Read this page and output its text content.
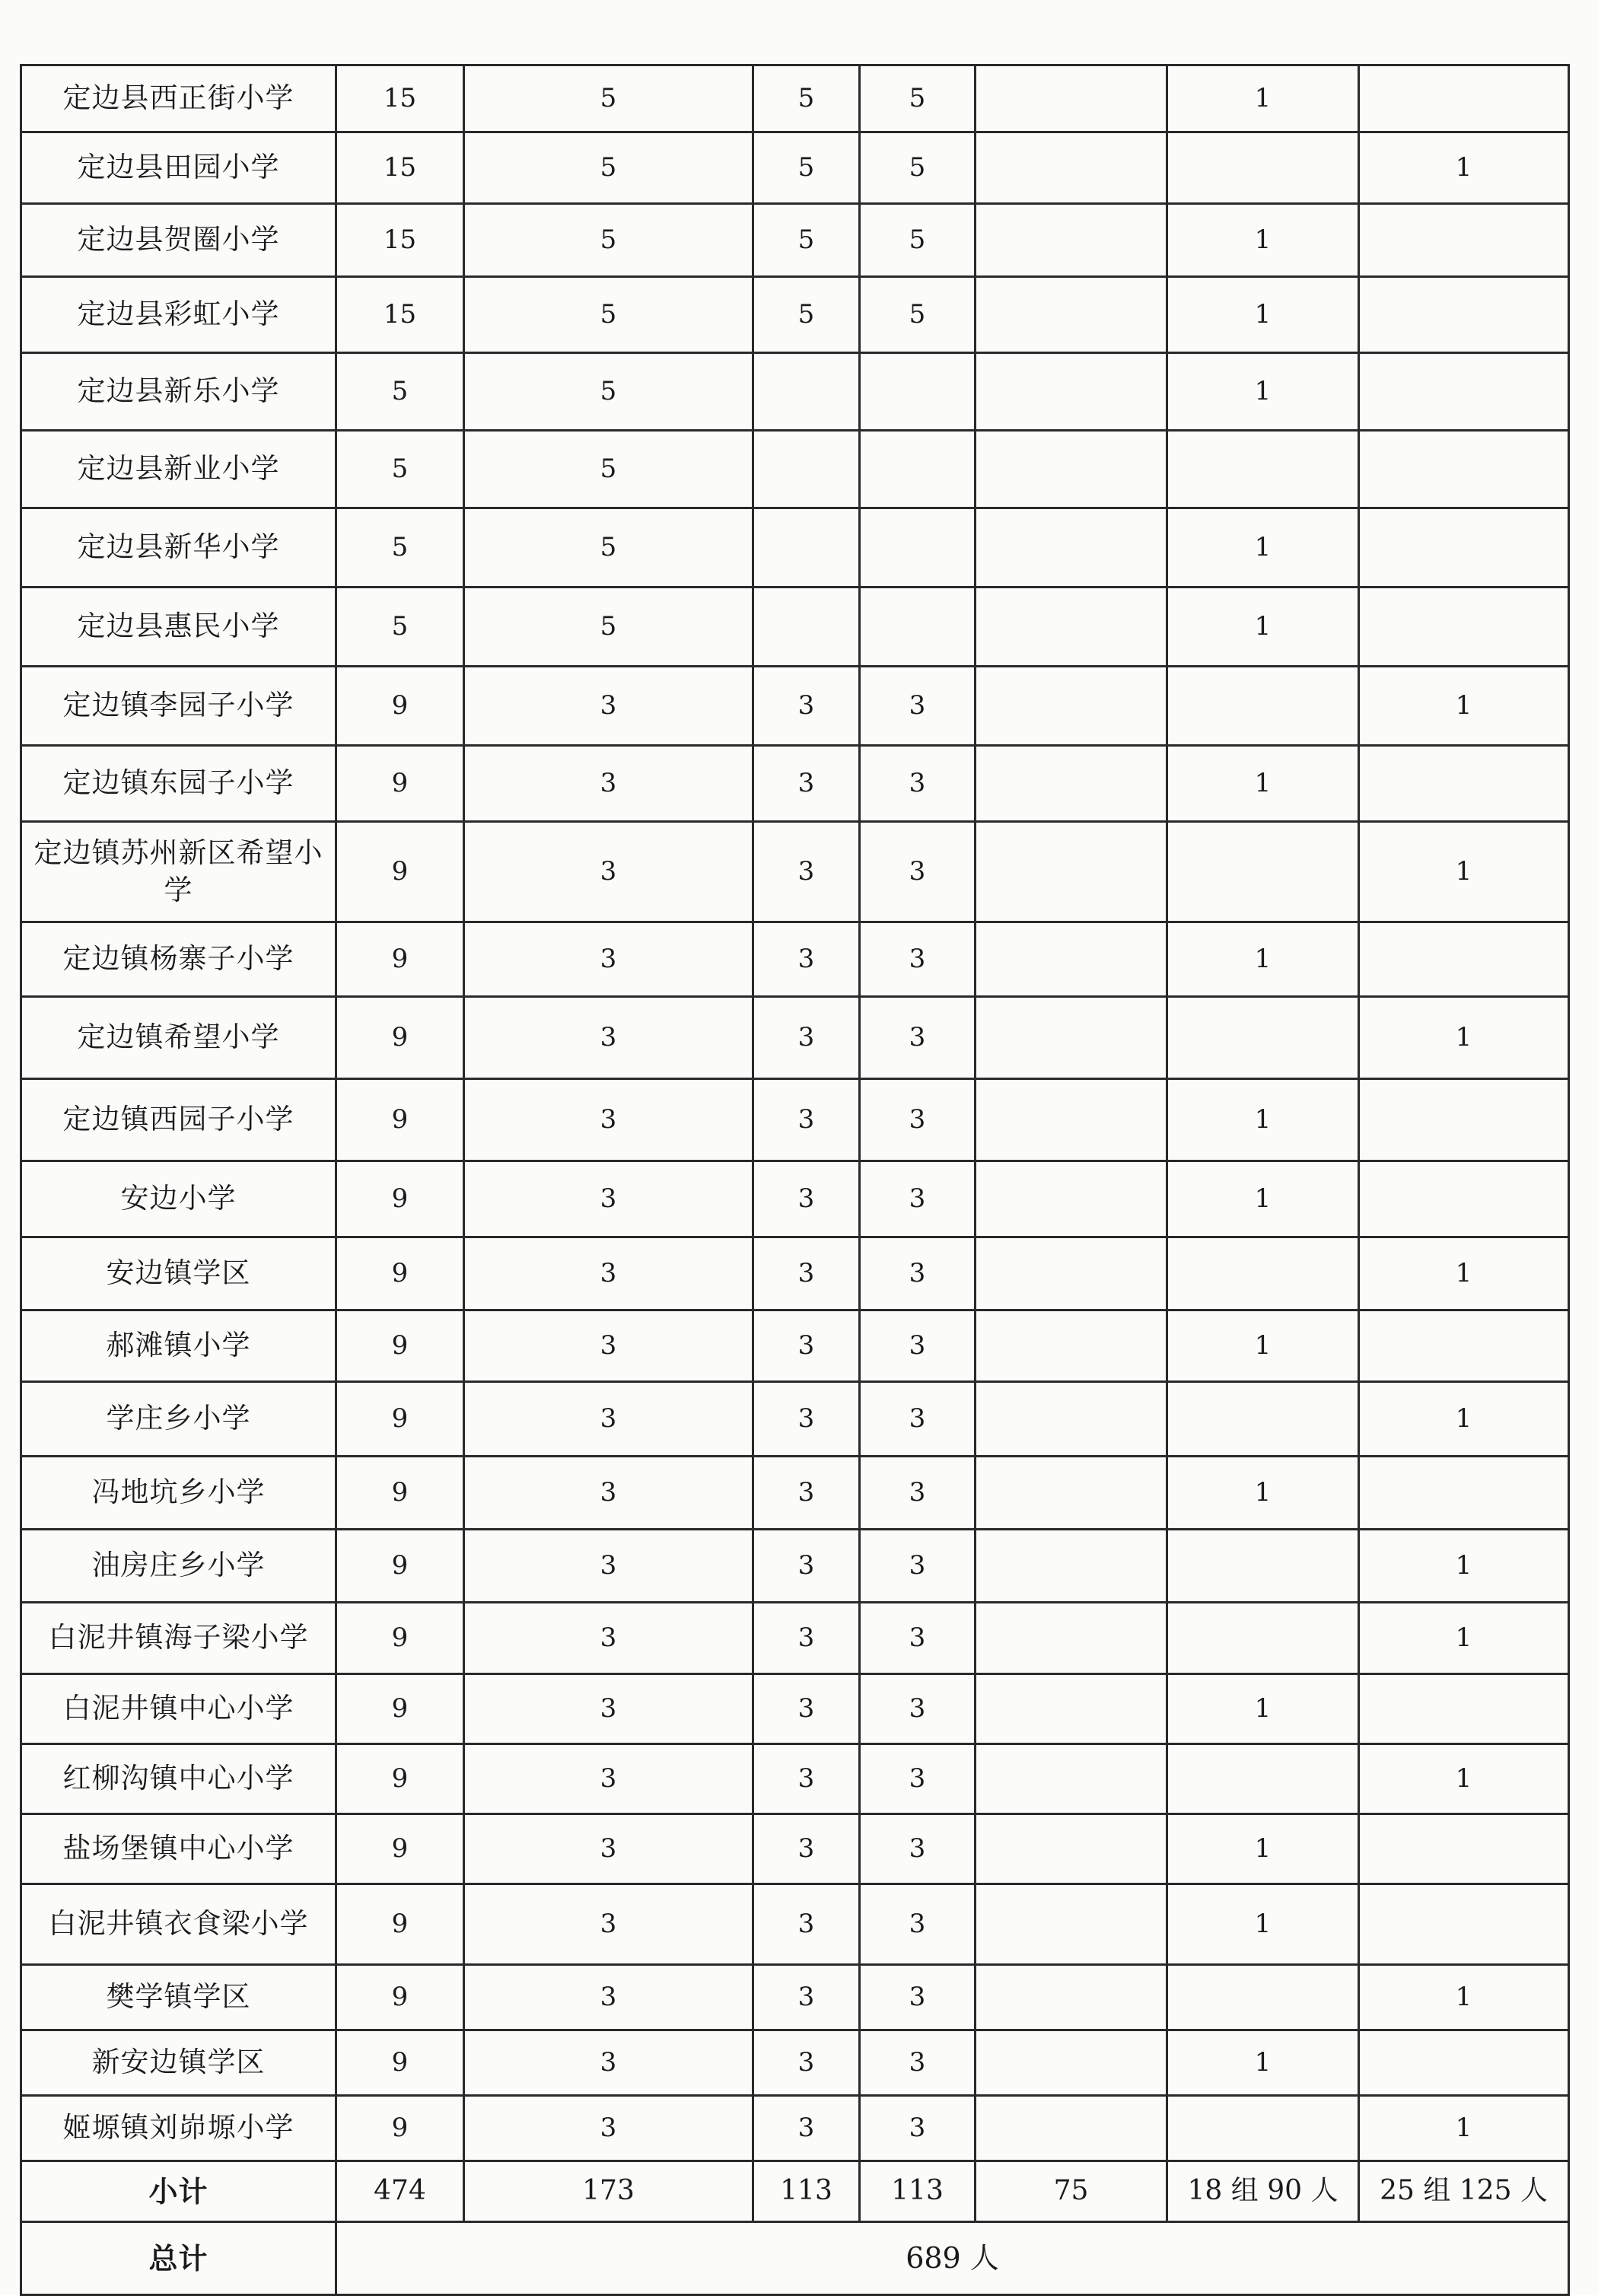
定边县西正街小学	15	5	5	5		1	
定边县田园小学	15	5	5	5			1
定边县贺圈小学	15	5	5	5		1	
定边县彩虹小学	15	5	5	5		1	
定边县新乐小学	5	5				1	
定边县新业小学	5	5					
定边县新华小学	5	5				1	
定边县惠民小学	5	5				1	
定边镇李园子小学	9	3	3	3			1
定边镇东园子小学	9	3	3	3		1	
定边镇苏州新区希望小学	9	3	3	3			1
定边镇杨寨子小学	9	3	3	3		1	
定边镇希望小学	9	3	3	3			1
定边镇西园子小学	9	3	3	3		1	
安边小学	9	3	3	3		1	
安边镇学区	9	3	3	3			1
郝滩镇小学	9	3	3	3		1	
学庄乡小学	9	3	3	3			1
冯地坑乡小学	9	3	3	3		1	
油房庄乡小学	9	3	3	3			1
白泥井镇海子梁小学	9	3	3	3			1
白泥井镇中心小学	9	3	3	3		1	
红柳沟镇中心小学	9	3	3	3			1
盐场堡镇中心小学	9	3	3	3		1	
白泥井镇衣食梁小学	9	3	3	3		1	
樊学镇学区	9	3	3	3			1
新安边镇学区	9	3	3	3		1	
姬塬镇刘峁塬小学	9	3	3	3			1
小计	474	173	113	113	75	18 组 90 人	25 组 125 人
总计	689 人						
